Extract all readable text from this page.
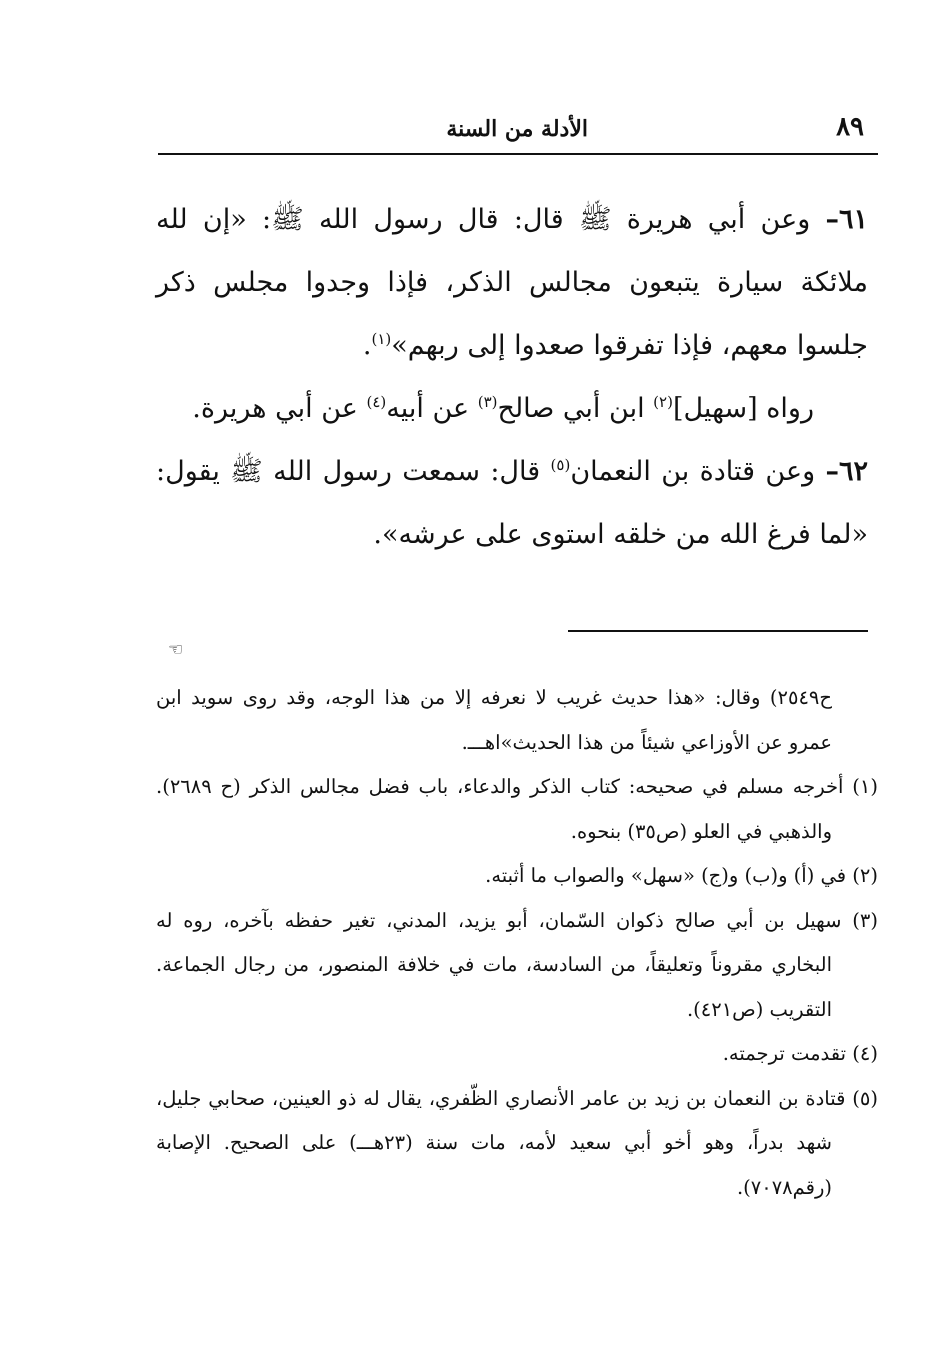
٨٩
الأدلة من السنة

٦١– وعن أبي هريرة ﷺ قال: قال رسول الله ﷺ: «إن لله ملائكة سيارة يتبعون مجالس الذكر، فإذا وجدوا مجلس ذكر جلسوا معهم، فإذا تفرقوا صعدوا إلى ربهم»$^{(١)}$.

رواه [سهيل]$^{(٢)}$ ابن أبي صالح$^{(٣)}$ عن أبيه$^{(٤)}$ عن أبي هريرة.

٦٢– وعن قتادة بن النعمان$^{(٥)}$ قال: سمعت رسول الله ﷺ يقول: «لما فرغ الله من خلقه استوى على عرشه».

☜

ح٢٥٤٩) وقال: «هذا حديث غريب لا نعرفه إلا من هذا الوجه، وقد روى سويد ابن عمرو عن الأوزاعي شيئاً من هذا الحديث»اهـــ.

(١) أخرجه مسلم في صحيحه: كتاب الذكر والدعاء، باب فضل مجالس الذكر (ح ٢٦٨٩). والذهبي في العلو (ص٣٥) بنحوه.

(٢) في (أ) و(ب) و(ج) «سهل» والصواب ما أثبته.

(٣) سهيل بن أبي صالح ذكوان السّمان، أبو يزيد، المدني، تغير حفظه بآخره، روه له البخاري مقروناً وتعليقاً، من السادسة، مات في خلافة المنصور، من رجال الجماعة. التقريب (ص٤٢١).

(٤) تقدمت ترجمته.

(٥) قتادة بن النعمان بن زيد بن عامر الأنصاري الظّفري، يقال له ذو العينين، صحابي جليل، شهد بدراً، وهو أخو أبي سعيد لأمه، مات سنة (٢٣هـــ) على الصحيح. الإصابة (رقم٧٠٧٨).
